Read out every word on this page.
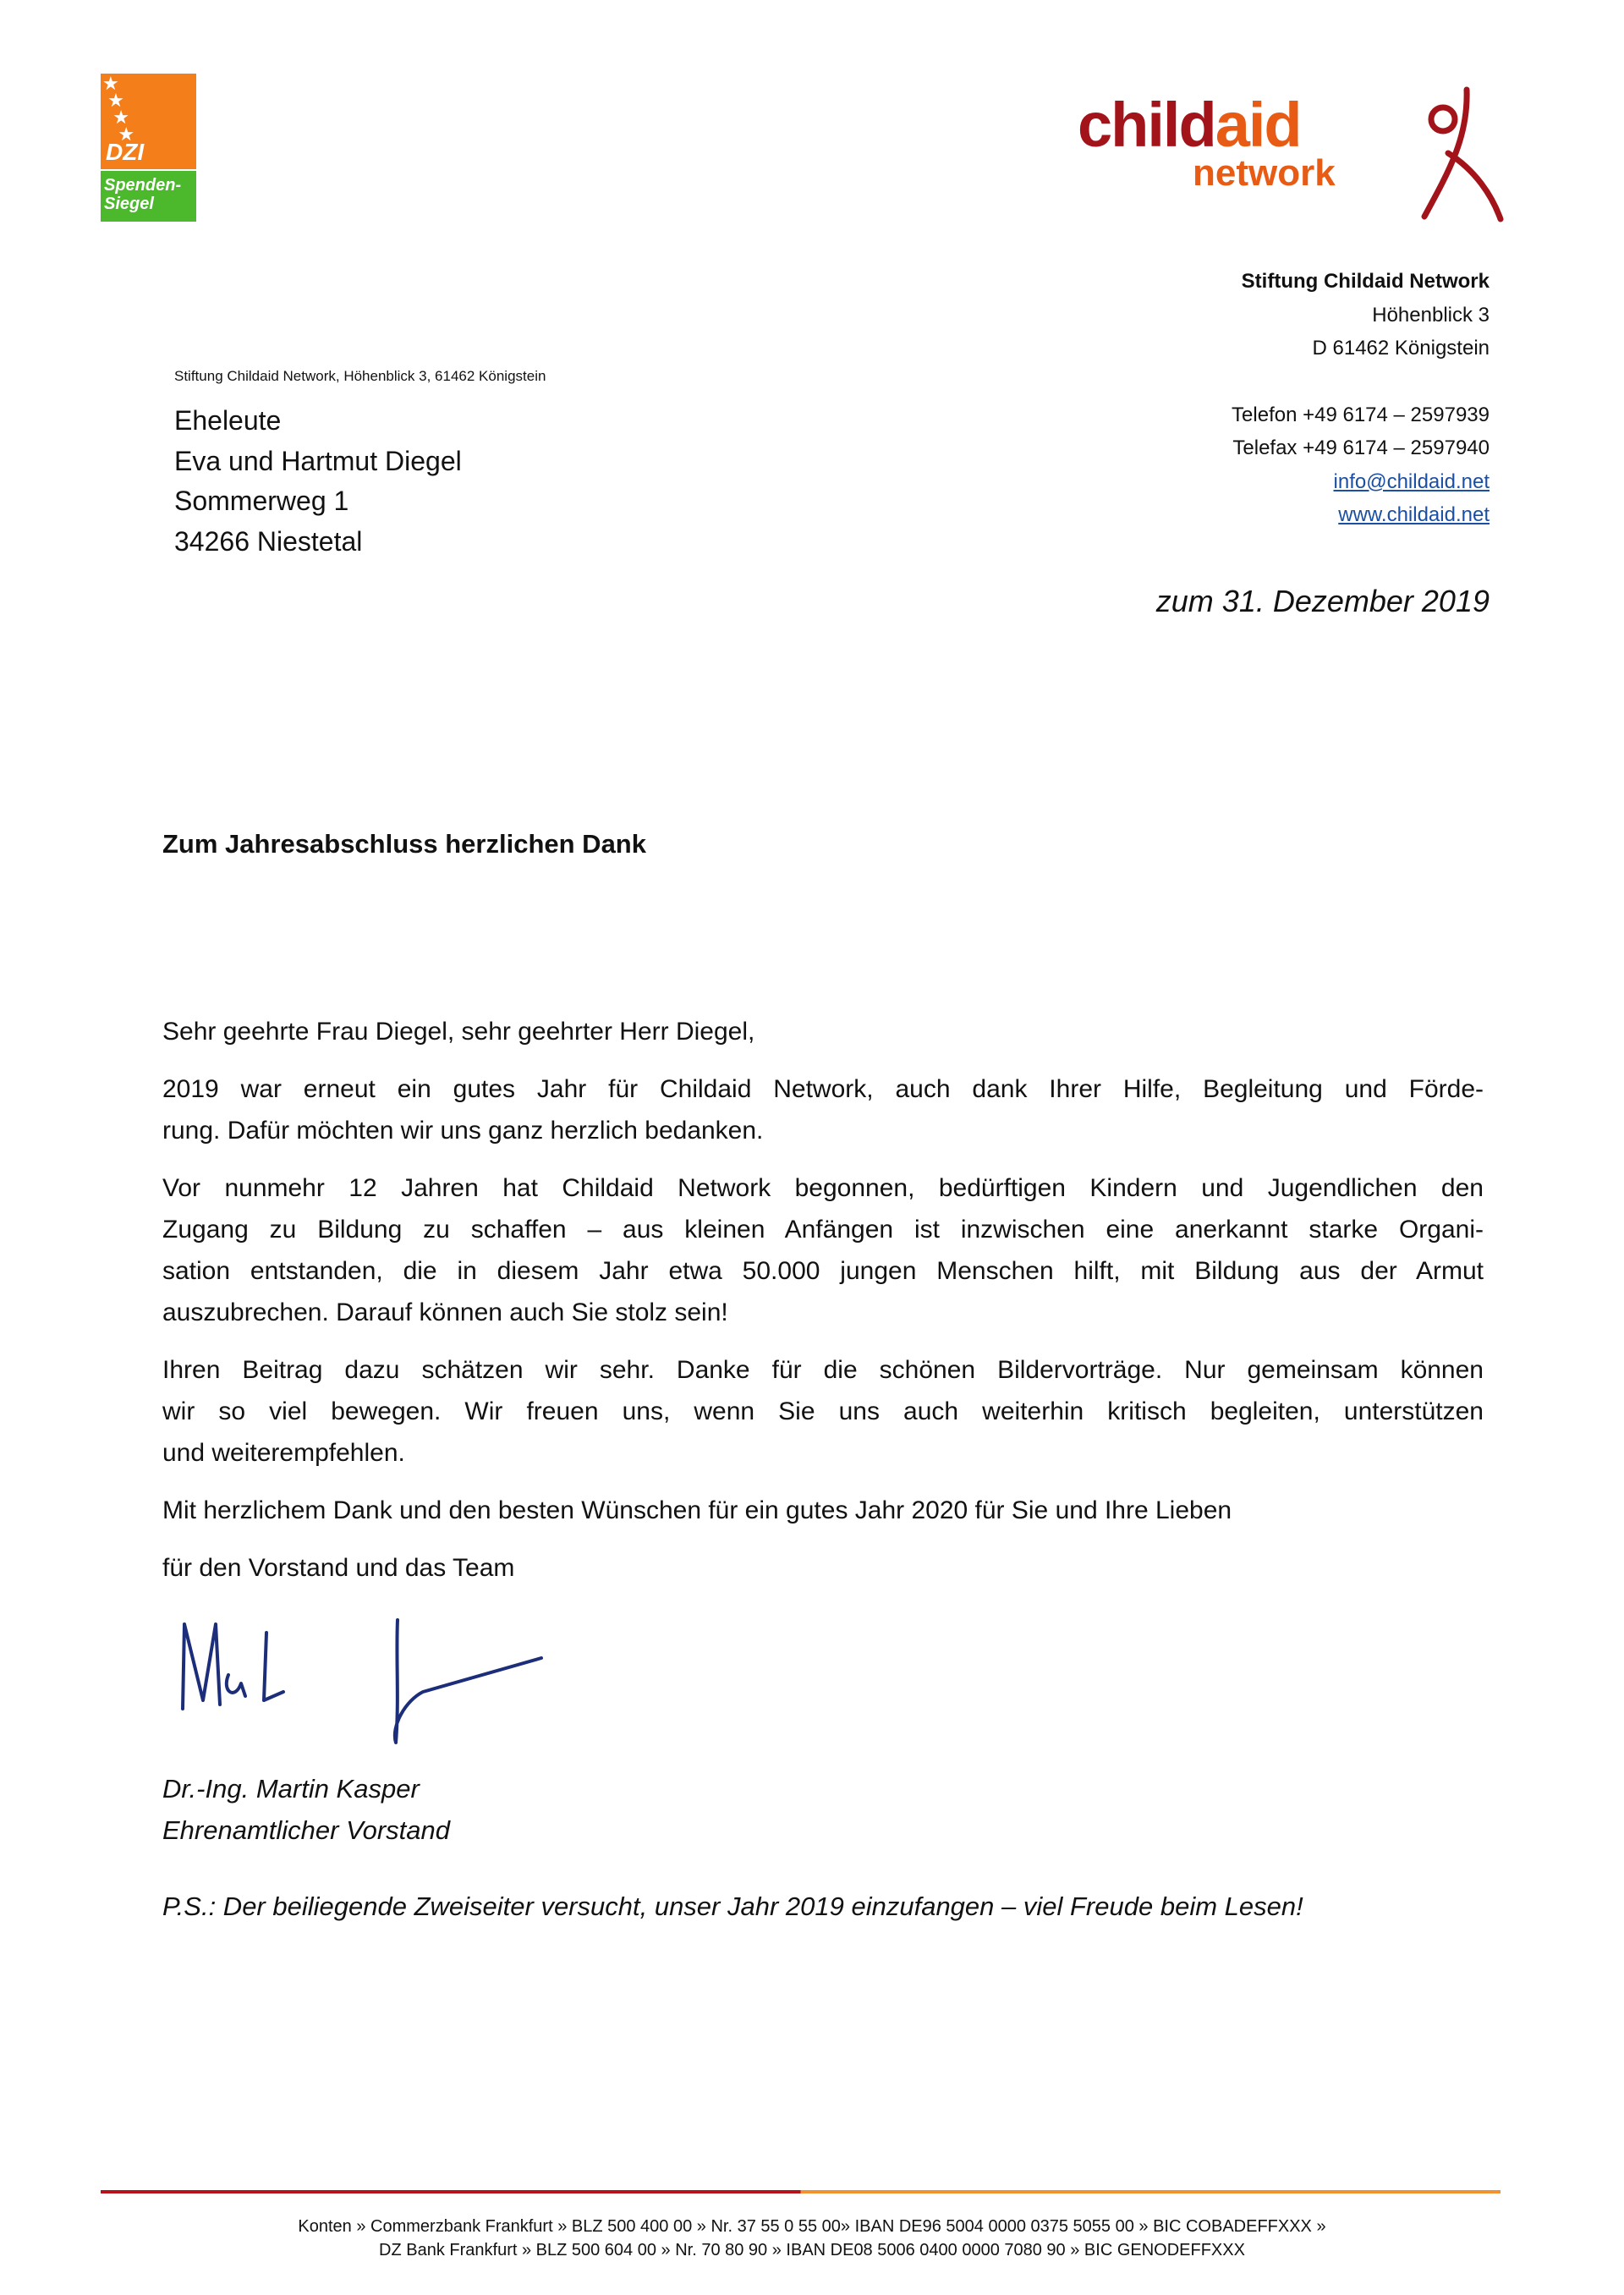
★
★
★
★
DZI
Spenden-Siegel
childaid
network
Stiftung Childaid Network
Höhenblick 3
D 61462 Königstein
Telefon +49 6174 – 2597939
Telefax +49 6174 – 2597940
info@childaid.net
www.childaid.net
Stiftung Childaid Network, Höhenblick 3, 61462 Königstein
Eheleute
Eva und Hartmut Diegel
Sommerweg 1
34266 Niestetal
zum 31. Dezember 2019
Zum Jahresabschluss herzlichen Dank
Sehr geehrte Frau Diegel, sehr geehrter Herr Diegel,
2019 war erneut ein gutes Jahr für Childaid Network, auch dank Ihrer Hilfe, Begleitung und Förde-
rung. Dafür möchten wir uns ganz herzlich bedanken.
Vor nunmehr 12 Jahren hat Childaid Network begonnen, bedürftigen Kindern und Jugendlichen den
Zugang zu Bildung zu schaffen – aus kleinen Anfängen ist inzwischen eine anerkannt starke Organi-
sation entstanden, die in diesem Jahr etwa 50.000 jungen Menschen hilft, mit Bildung aus der Armut
auszubrechen. Darauf können auch Sie stolz sein!
Ihren Beitrag dazu schätzen wir sehr. Danke für die schönen Bildervorträge. Nur gemeinsam können
wir so viel bewegen. Wir freuen uns, wenn Sie uns auch weiterhin kritisch begleiten, unterstützen
und weiterempfehlen.
Mit herzlichem Dank und den besten Wünschen für ein gutes Jahr 2020 für Sie und Ihre Lieben
für den Vorstand und das Team
Dr.-Ing. Martin Kasper
Ehrenamtlicher Vorstand
P.S.: Der beiliegende Zweiseiter versucht, unser Jahr 2019 einzufangen – viel Freude beim Lesen!
Konten » Commerzbank Frankfurt » BLZ 500 400 00 » Nr. 37 55 0 55 00» IBAN DE96 5004 0000 0375 5055 00 » BIC COBADEFFXXX »
DZ Bank Frankfurt » BLZ 500 604 00 » Nr. 70 80 90 » IBAN DE08 5006 0400 0000 7080 90 » BIC GENODEFFXXX
